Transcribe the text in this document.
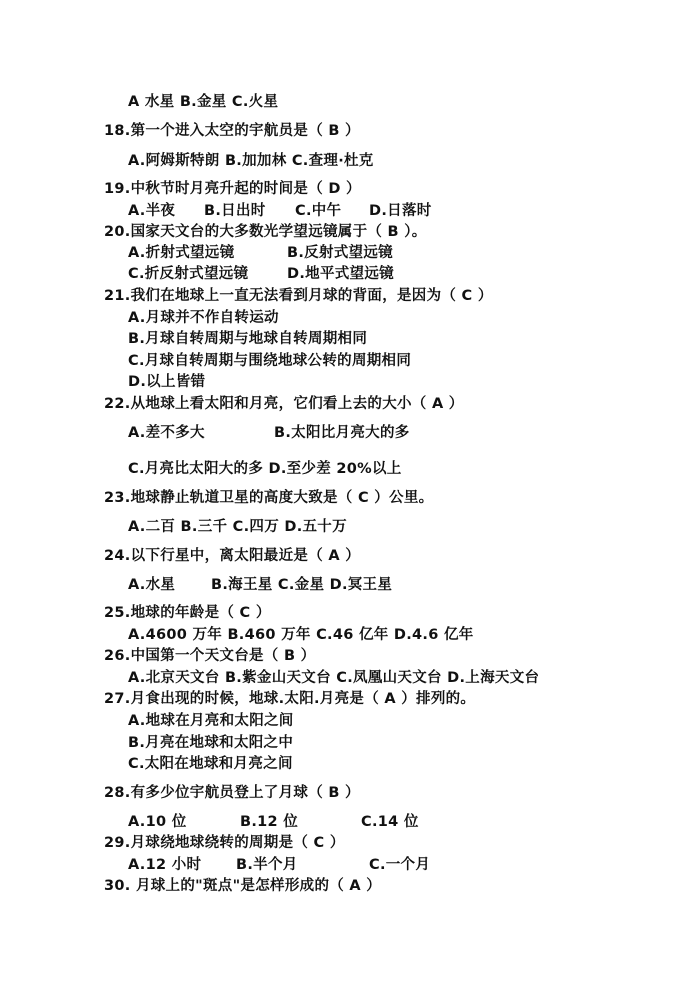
A 水星 B.金星 C.火星
18.第一个进入太空的宇航员是（ B ）
A.阿姆斯特朗 B.加加林 C.查理·杜克
19.中秋节时月亮升起的时间是（ D ）
A.半夜 B.日出时 C.中午 D.日落时
20.国家天文台的大多数光学望远镜属于（ B ）。
A.折射式望远镜	B.反射式望远镜
C.折反射式望远镜	D.地平式望远镜
21.我们在地球上一直无法看到月球的背面，是因为（ C ）
A.月球并不作自转运动
B.月球自转周期与地球自转周期相同
C.月球自转周期与围绕地球公转的周期相同
D.以上皆错
22.从地球上看太阳和月亮，它们看上去的大小（ A ）
A.差不多大	B.太阳比月亮大的多
C.月亮比太阳大的多 D.至少差 20%以上
23.地球静止轨道卫星的高度大致是（ C ）公里。
A.二百 B.三千 C.四万 D.五十万
24.以下行星中，离太阳最近是（ A ）
A.水星 B.海王星 C.金星 D.冥王星
25.地球的年龄是（ C ）
A.4600 万年 B.460 万年 C.46 亿年 D.4.6 亿年
26.中国第一个天文台是（ B ）
A.北京天文台 B.紫金山天文台 C.凤凰山天文台 D.上海天文台
27.月食出现的时候，地球.太阳.月亮是（ A ）排列的。
A.地球在月亮和太阳之间
B.月亮在地球和太阳之中
C.太阳在地球和月亮之间
28.有多少位宇航员登上了月球（ B ）
A.10 位	B.12 位	C.14 位
29.月球绕地球绕转的周期是（ C ）
A.12 小时 B.半个月	C.一个月
30. 月球上的"斑点"是怎样形成的（ A ）
